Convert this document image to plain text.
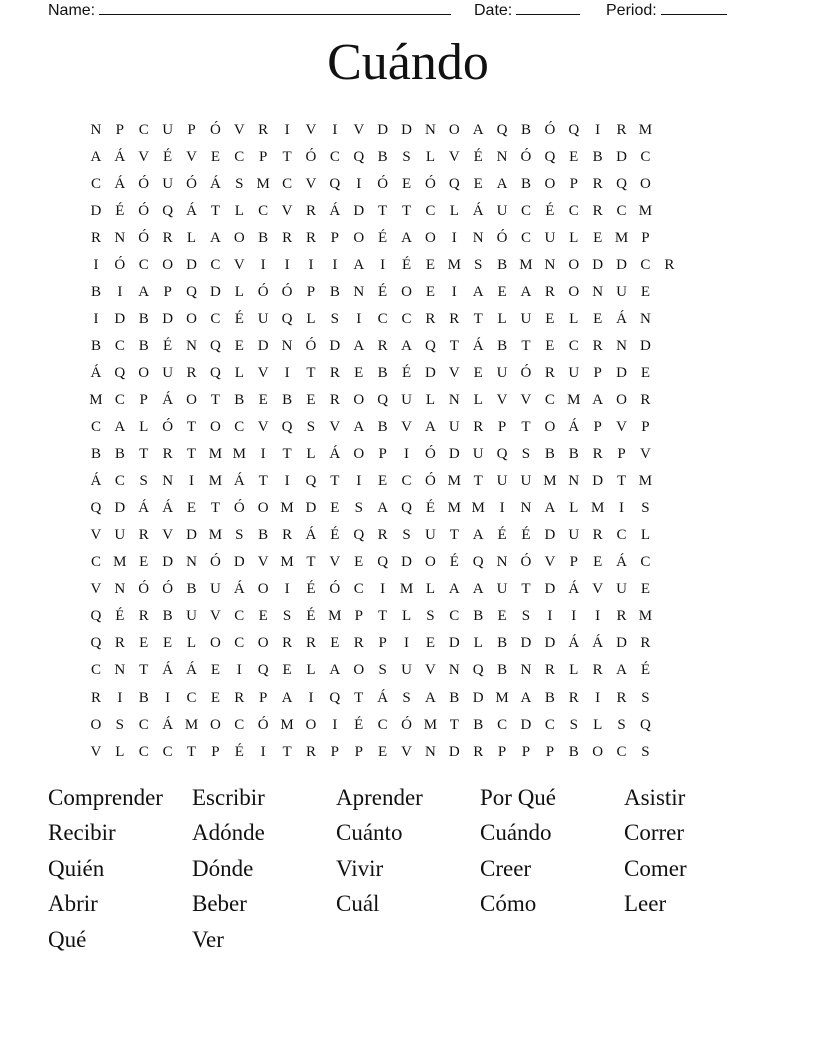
Name:	Date:	Period:
Cuándo
N P C U P Ó V R	I	V	I	V D D N O A Q B Ó Q	I	R M
A Á V É V E C P	T Ó C Q B S	L V É N Ó Q E B D C
C Á Ó U Ó Á S M C V Q	I	Ó E Ó Q E A B O P R Q O
D É Ó Q Á T L C V R Á D T T C L Á U C É C R C M
R N Ó R L A O B R R P O É A O	I	N Ó C U L E M P
I	Ó C O D C V	I	I	I	I	A	I	É E M S B M N O D D C R
B	I	A P Q D L Ó Ó P B N É O E	I	A E A R O N U E
I	D B D O C É U Q L	S	I	C C R R T L U E L E Á N
B C B É N Q E D N Ó D A R A Q T Á B T E C R N D
Á Q O U R Q L V	I	T R E B É D V E U Ó R U P D E
M C P Á O T B E B E R O Q U L N L V V C M A O R
C A L Ó T O C V Q S V A B V A U R P	T O Á P V P
B B T R T M M I	T L Á O P	I	Ó D U Q S B B R P V
Á C S N	I M Á T	I	Q T	I	E C Ó M T U U M N D T M
Q D Á Á E T Ó O M D E	S A Q É M M I	N A L M I	S
V U R V D M S B R Á É Q R S U T A É É D U R C L
C M E D N Ó D V M T V E Q D O É Q N Ó V P	E Á C
V N Ó Ó B U Á O	I	É Ó C	I M L A A U T D Á V U E
Q É R B U V C E	S	É M P	T L	S C B E	S	I	I	I	R M
Q R E E L O C O R R E R P	I	E D L B D D Á Á D R
C N T Á Á E	I	Q E L A O S U V N Q B N R L R A É
R	I	B	I	C E R P A	I	Q T Á S A B D M A B R	I	R S
O S C Á M O C Ó M O	I	É C Ó M T B C D C S	L	S Q
V L C C T	P	É	I	T R P	P	E V N D R P	P	P B O C S
Comprender	Escribir	Aprender	Por Qué	Asistir
Recibir	Adónde	Cuánto	Cuándo	Correr
Quién	Dónde	Vivir	Creer	Comer
Abrir	Beber	Cuál	Cómo	Leer
Qué	Ver
